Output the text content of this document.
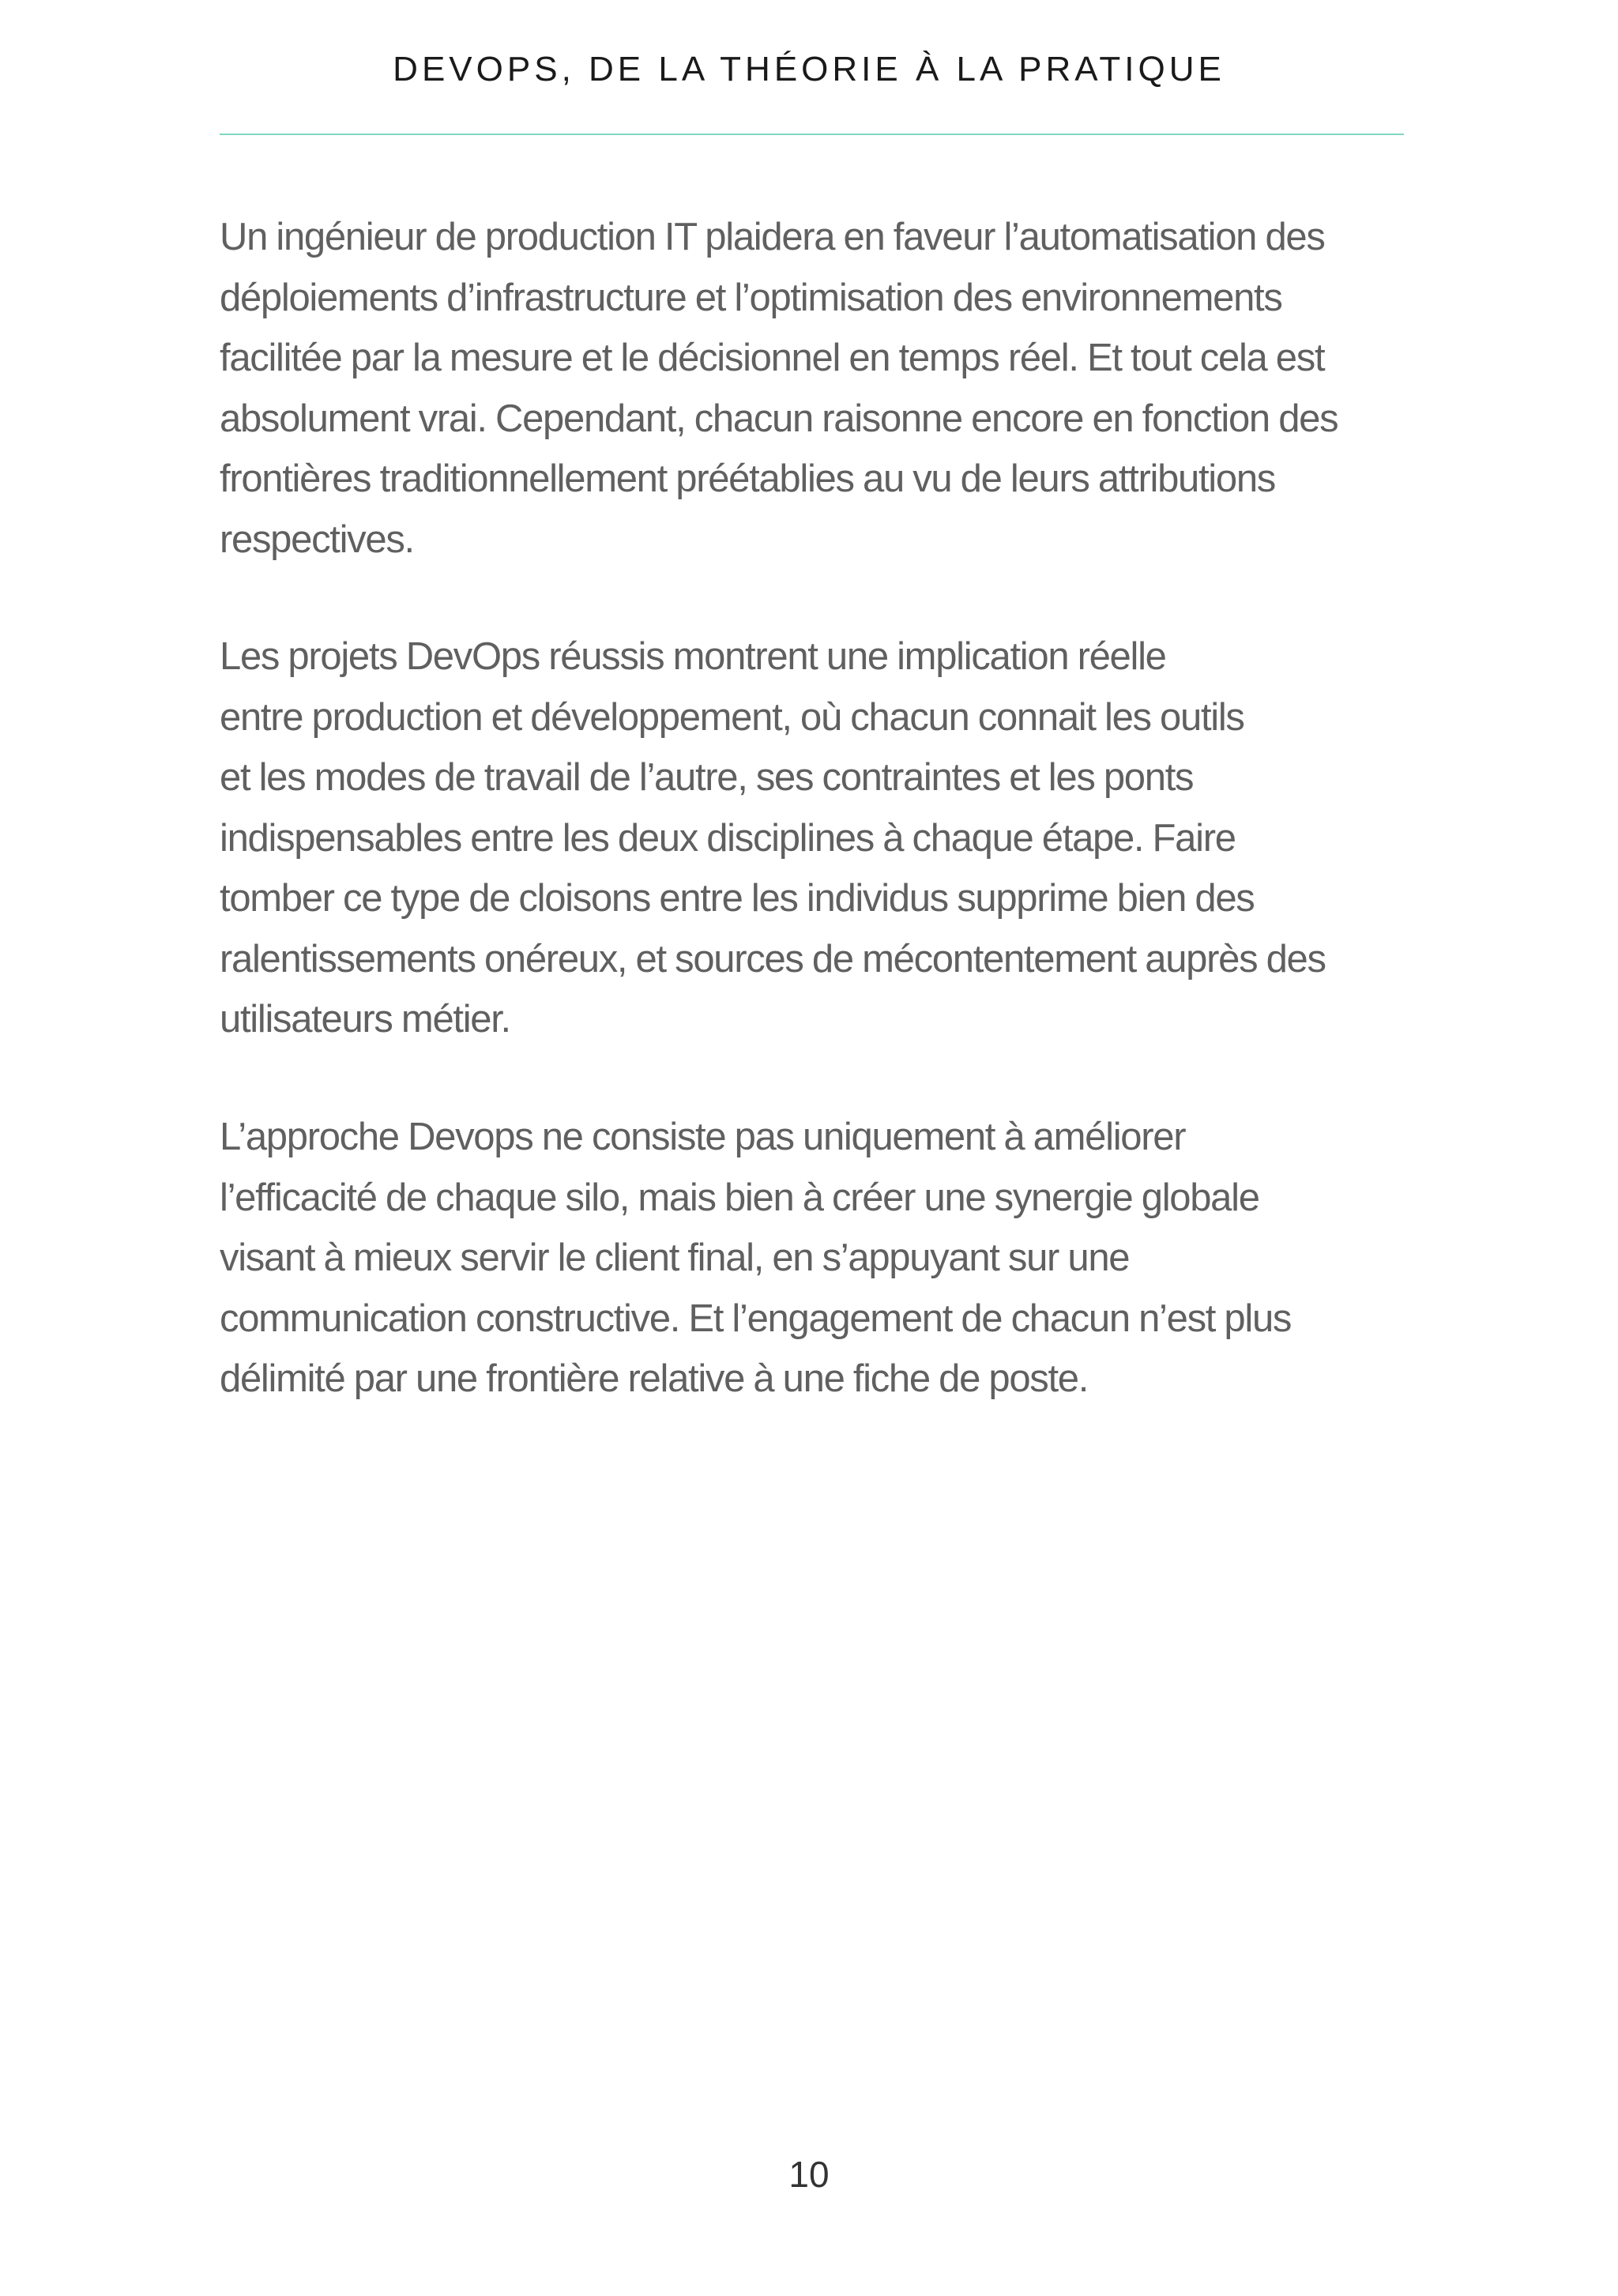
DEVOPS, DE LA THÉORIE À LA PRATIQUE

Un ingénieur de production IT plaidera en faveur l’automatisation des
déploiements d’infrastructure et l’optimisation des environnements
facilitée par la mesure et le décisionnel en temps réel. Et tout cela est
absolument vrai. Cependant, chacun raisonne encore en fonction des
frontières traditionnellement préétablies au vu de leurs attributions
respectives.

Les projets DevOps réussis montrent une implication réelle
entre production et développement, où chacun connait les outils
et les modes de travail de l’autre, ses contraintes et les ponts
indispensables entre les deux disciplines à chaque étape. Faire
tomber ce type de cloisons entre les individus supprime bien des
ralentissements onéreux, et sources de mécontentement auprès des
utilisateurs métier.

L’approche Devops ne consiste pas uniquement à améliorer
l’efficacité de chaque silo, mais bien à créer une synergie globale
visant à mieux servir le client final, en s’appuyant sur une
communication constructive. Et l’engagement de chacun n’est plus
délimité par une frontière relative à une fiche de poste.

10
